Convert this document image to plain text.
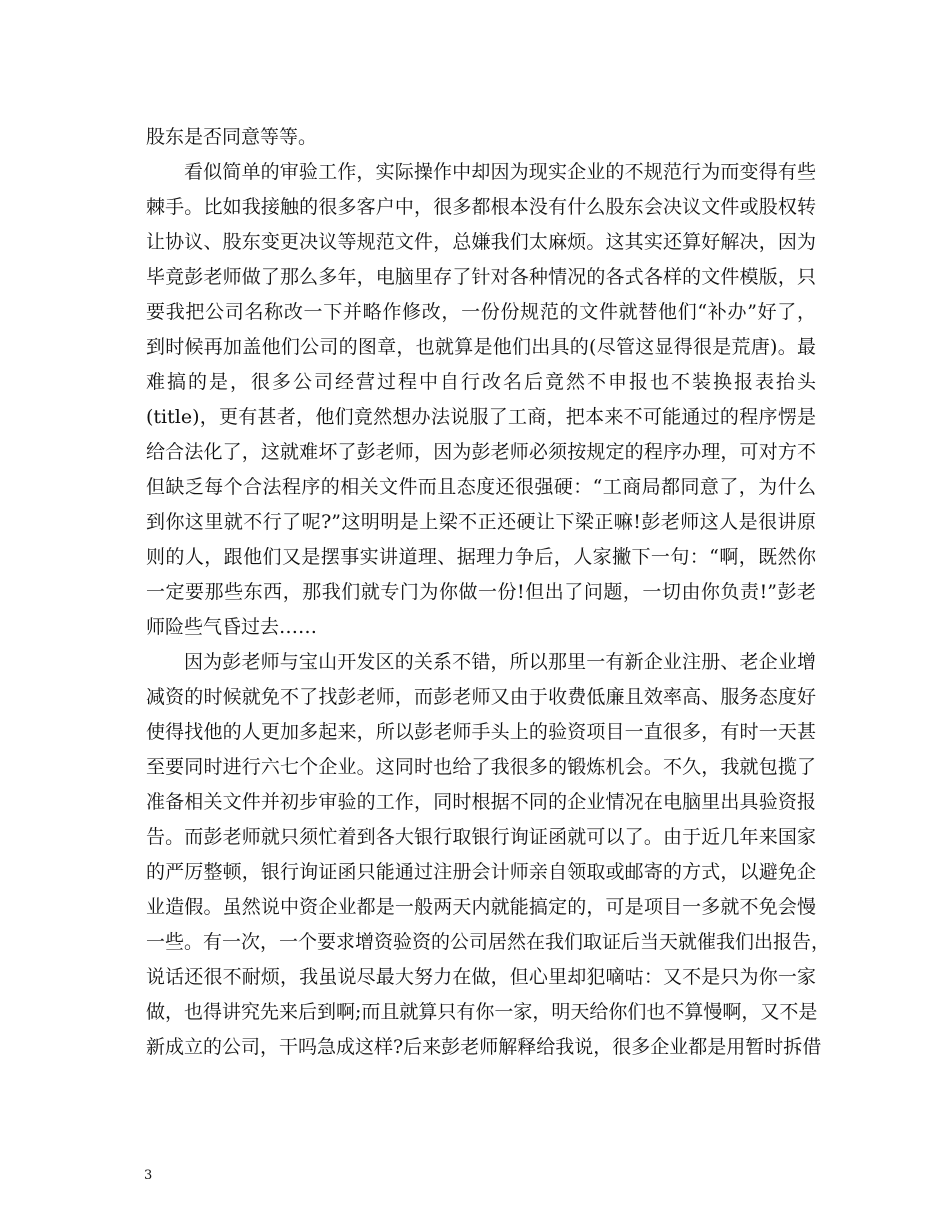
股东是否同意等等。
看似简单的审验工作，实际操作中却因为现实企业的不规范行为而变得有些
棘手。比如我接触的很多客户中，很多都根本没有什么股东会决议文件或股权转
让协议、股东变更决议等规范文件，总嫌我们太麻烦。这其实还算好解决，因为
毕竟彭老师做了那么多年，电脑里存了针对各种情况的各式各样的文件模版，只
要我把公司名称改一下并略作修改，一份份规范的文件就替他们“补办”好了，
到时候再加盖他们公司的图章，也就算是他们出具的(尽管这显得很是荒唐)。最
难搞的是，很多公司经营过程中自行改名后竟然不申报也不装换报表抬头
(title)，更有甚者，他们竟然想办法说服了工商，把本来不可能通过的程序愣是
给合法化了，这就难坏了彭老师，因为彭老师必须按规定的程序办理，可对方不
但缺乏每个合法程序的相关文件而且态度还很强硬：“工商局都同意了，为什么
到你这里就不行了呢?”这明明是上梁不正还硬让下梁正嘛!彭老师这人是很讲原
则的人，跟他们又是摆事实讲道理、据理力争后，人家撇下一句：“啊，既然你
一定要那些东西，那我们就专门为你做一份!但出了问题，一切由你负责!”彭老
师险些气昏过去……
因为彭老师与宝山开发区的关系不错，所以那里一有新企业注册、老企业增
减资的时候就免不了找彭老师，而彭老师又由于收费低廉且效率高、服务态度好
使得找他的人更加多起来，所以彭老师手头上的验资项目一直很多，有时一天甚
至要同时进行六七个企业。这同时也给了我很多的锻炼机会。不久，我就包揽了
准备相关文件并初步审验的工作，同时根据不同的企业情况在电脑里出具验资报
告。而彭老师就只须忙着到各大银行取银行询证函就可以了。由于近几年来国家
的严厉整顿，银行询证函只能通过注册会计师亲自领取或邮寄的方式，以避免企
业造假。虽然说中资企业都是一般两天内就能搞定的，可是项目一多就不免会慢
一些。有一次，一个要求增资验资的公司居然在我们取证后当天就催我们出报告，
说话还很不耐烦，我虽说尽最大努力在做，但心里却犯嘀咕：又不是只为你一家
做，也得讲究先来后到啊;而且就算只有你一家，明天给你们也不算慢啊，又不是
新成立的公司，干吗急成这样?后来彭老师解释给我说，很多企业都是用暂时拆借
3
